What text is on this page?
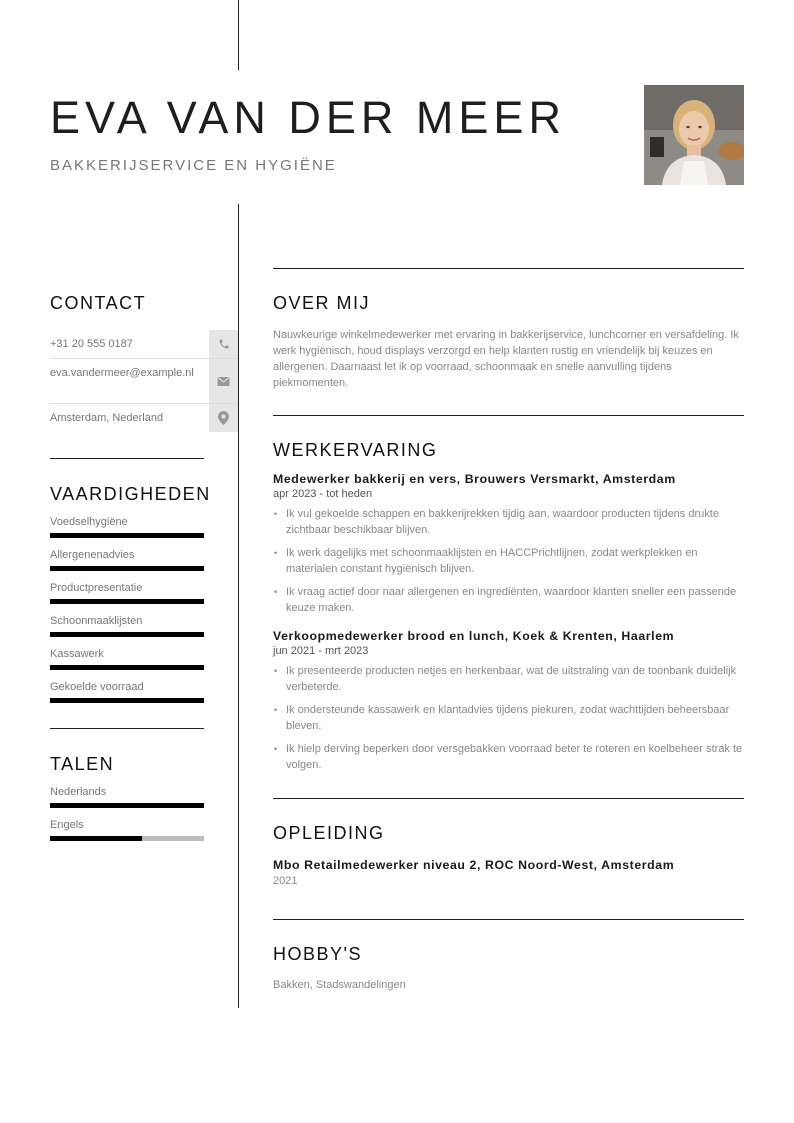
EVA VAN DER MEER
BAKKERIJSERVICE EN HYGIËNE
CONTACT
+31 20 555 0187
eva.vandermeer@example.nl
Amsterdam, Nederland
VAARDIGHEDEN
Voedselhygiëne
Allergenenadvies
Productpresentatie
Schoonmaaklijsten
Kassawerk
Gekoelde voorraad
TALEN
Nederlands
Engels
OVER MIJ

Nauwkeurige winkelmedewerker met ervaring in bakkerijservice, lunchcorner en versafdeling. Ik werk hygiënisch, houd displays verzorgd en help klanten rustig en vriendelijk bij keuzes en allergenen. Daarnaast let ik op voorraad, schoonmaak en snelle aanvulling tijdens piekmomenten.

WERKERVARING
Medewerker bakkerij en vers, Brouwers Versmarkt, Amsterdam
apr 2023 - tot heden
• Ik vul gekoelde schappen en bakkerijrekken tijdig aan, waardoor producten tijdens drukte zichtbaar beschikbaar blijven.
• Ik werk dagelijks met schoonmaaklijsten en HACCPrichtlijnen, zodat werkplekken en materialen constant hygiënisch blijven.
• Ik vraag actief door naar allergenen en ingrediënten, waardoor klanten sneller een passende keuze maken.
Verkoopmedewerker brood en lunch, Koek & Krenten, Haarlem
jun 2021 - mrt 2023
• Ik presenteerde producten netjes en herkenbaar, wat de uitstraling van de toonbank duidelijk verbeterde.
• Ik ondersteunde kassawerk en klantadvies tijdens piekuren, zodat wachttijden beheersbaar bleven.
• Ik hielp derving beperken door versgebakken voorraad beter te roteren en koelbeheer strak te volgen.
OPLEIDING
Mbo Retailmedewerker niveau 2, ROC Noord-West, Amsterdam
2021
HOBBY'S
Bakken, Stadswandelingen
